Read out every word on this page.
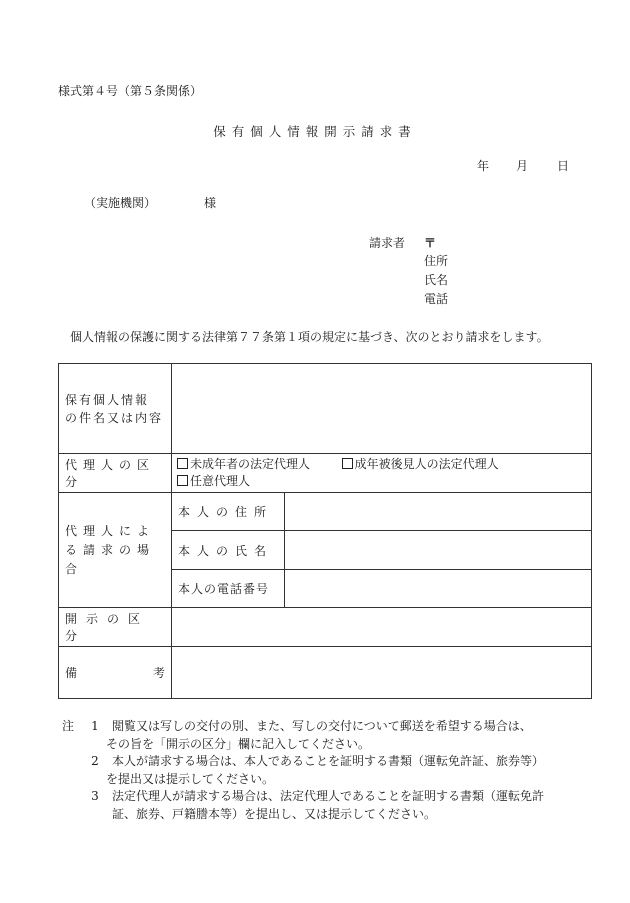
様式第４号（第５条関係）
保有個人情報開示請求書
年 月 日
（実施機関）	様
請求者 〒
住所
氏名
電話
個人情報の保護に関する法律第７７条第１項の規定に基づき、次のとおり請求をします。
保有個人情報
の件名又は内容		

代理人の区分	未成年者の法定代理人 成年被後見人の法定代理人
任意代理人	

代理人によ
る請求の場合	本人の住所	
	本人の氏名	
	本人の電話番号	
開示の区分		

備 考		

注	1	閲覧又は写しの交付の別、また、写しの交付について郵送を希望する場合は、
その旨を「開示の区分」欄に記入してください。
2	本人が請求する場合は、本人であることを証明する書類（運転免許証、旅券等）
を提出又は提示してください。
3	法定代理人が請求する場合は、法定代理人であることを証明する書類（運転免許
証、旅券、戸籍謄本等）を提出し、又は提示してください。
